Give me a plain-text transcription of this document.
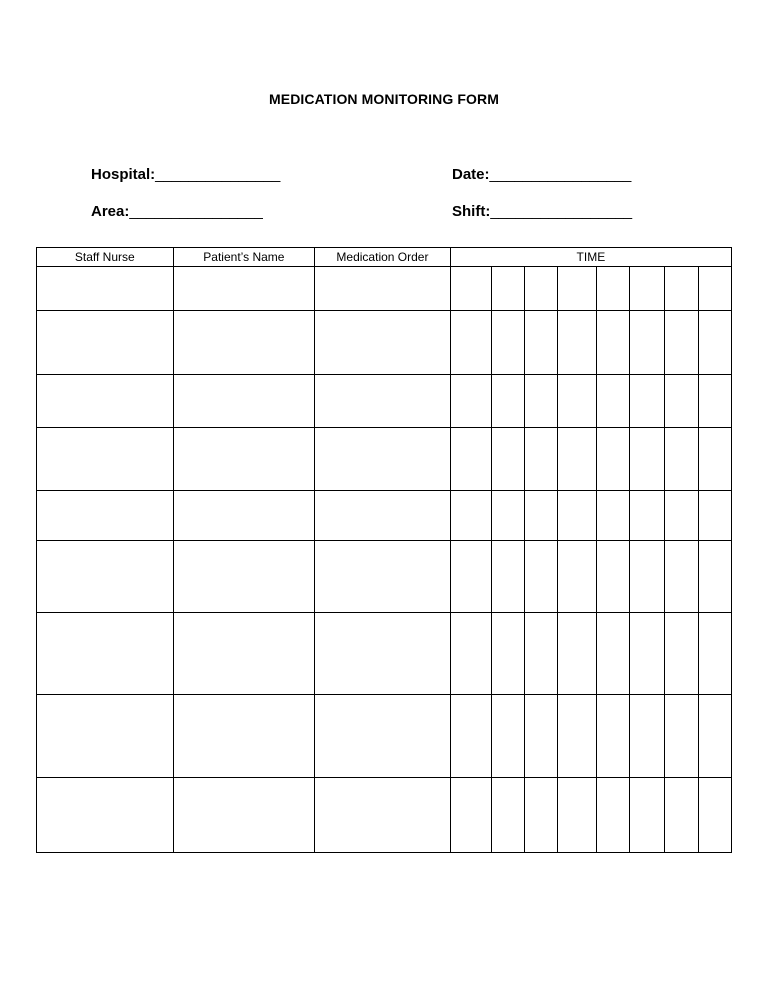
MEDICATION MONITORING FORM
Hospital:_______________
Area:________________
Date:_________________
Shift:_________________
Staff Nurse	Patient’s Name	Medication Order	TIME							
